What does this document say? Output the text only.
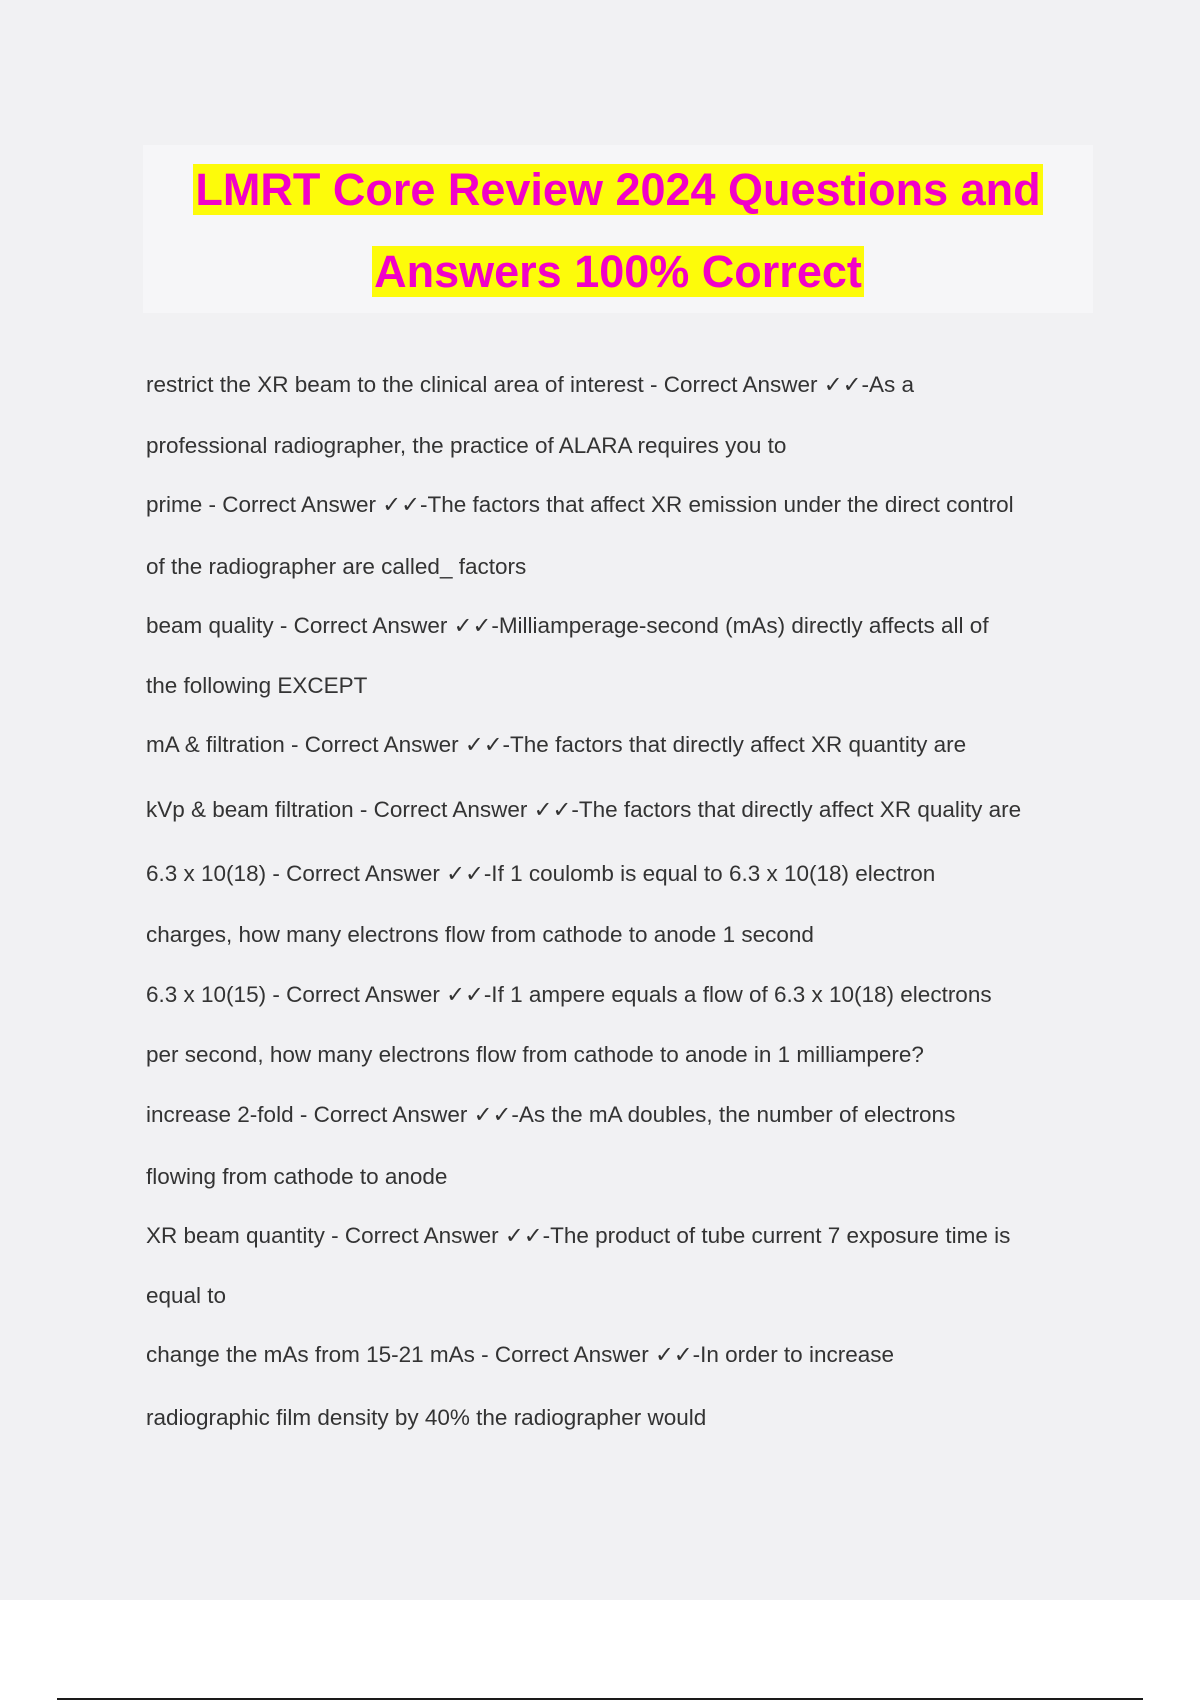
LMRT Core Review 2024 Questions and
Answers 100% Correct
restrict the XR beam to the clinical area of interest - Correct Answer ✓✓-As a
professional radiographer, the practice of ALARA requires you to
prime - Correct Answer ✓✓-The factors that affect XR emission under the direct control
of the radiographer are called_ factors
beam quality - Correct Answer ✓✓-Milliamperage-second (mAs) directly affects all of
the following EXCEPT
mA & filtration - Correct Answer ✓✓-The factors that directly affect XR quantity are
kVp & beam filtration - Correct Answer ✓✓-The factors that directly affect XR quality are
6.3 x 10(18) - Correct Answer ✓✓-If 1 coulomb is equal to 6.3 x 10(18) electron
charges, how many electrons flow from cathode to anode 1 second
6.3 x 10(15) - Correct Answer ✓✓-If 1 ampere equals a flow of 6.3 x 10(18) electrons
per second, how many electrons flow from cathode to anode in 1 milliampere?
increase 2-fold - Correct Answer ✓✓-As the mA doubles, the number of electrons
flowing from cathode to anode
XR beam quantity - Correct Answer ✓✓-The product of tube current 7 exposure time is
equal to
change the mAs from 15-21 mAs - Correct Answer ✓✓-In order to increase
radiographic film density by 40% the radiographer would
